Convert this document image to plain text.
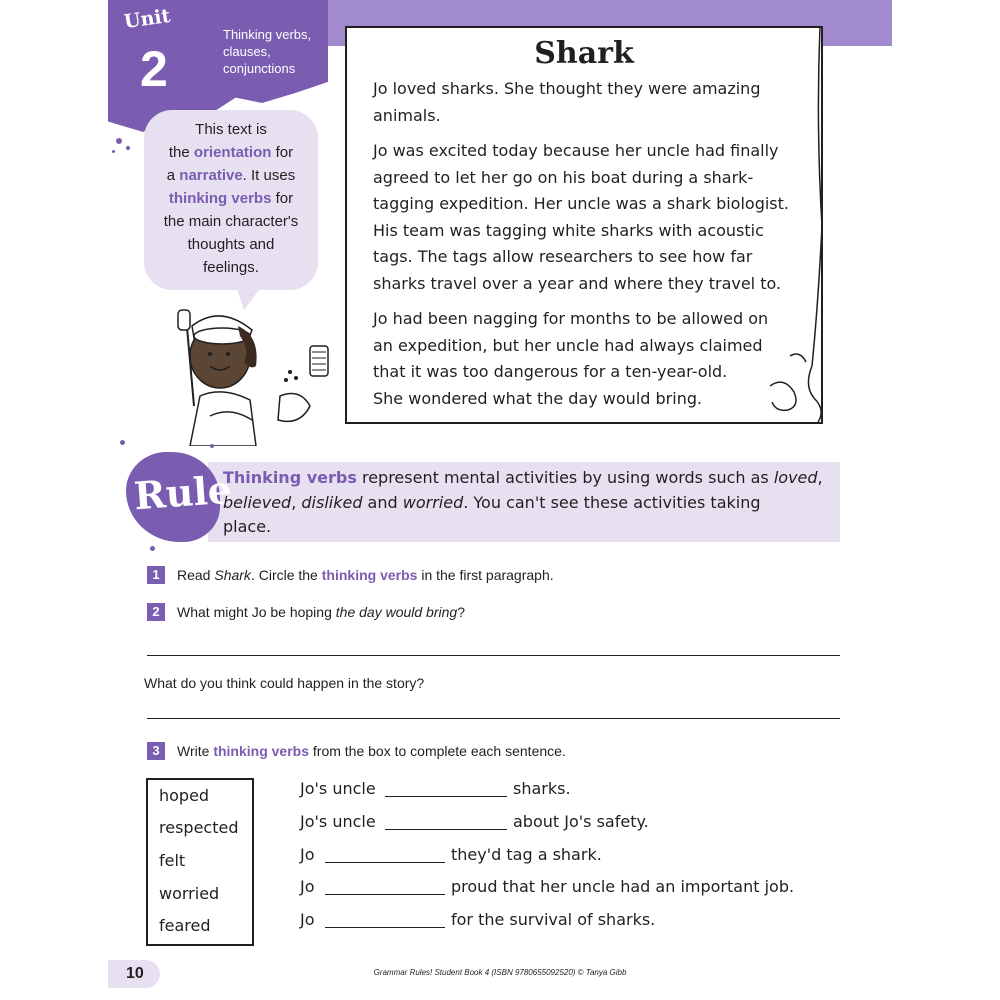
Unit
2
Thinking verbs,
clauses,
conjunctions
This text is
the orientation for
a narrative. It uses
thinking verbs for
the main character's
thoughts and
feelings.
Shark
Jo loved sharks. She thought they were amazing
animals.
Jo was excited today because her uncle had finally
agreed to let her go on his boat during a shark-
tagging expedition. Her uncle was a shark biologist.
His team was tagging white sharks with acoustic
tags. The tags allow researchers to see how far
sharks travel over a year and where they travel to.
Jo had been nagging for months to be allowed on
an expedition, but her uncle had always claimed
that it was too dangerous for a ten-year-old.
She wondered what the day would bring.
Rule
Thinking verbs represent mental activities by using words such as loved,
believed, disliked and worried. You can't see these activities taking
place.
1	Read Shark. Circle the thinking verbs in the first paragraph.
2	What might Jo be hoping the day would bring?
What do you think could happen in the story?
3	Write thinking verbs from the box to complete each sentence.
hoped
respected
felt
worried
feared
Jo's uncle	sharks.
Jo's uncle	about Jo's safety.
Jo	they'd tag a shark.
Jo	proud that her uncle had an important job.
Jo	for the survival of sharks.
10	Grammar Rules! Student Book 4 (ISBN 9780655092520) © Tanya Gibb
